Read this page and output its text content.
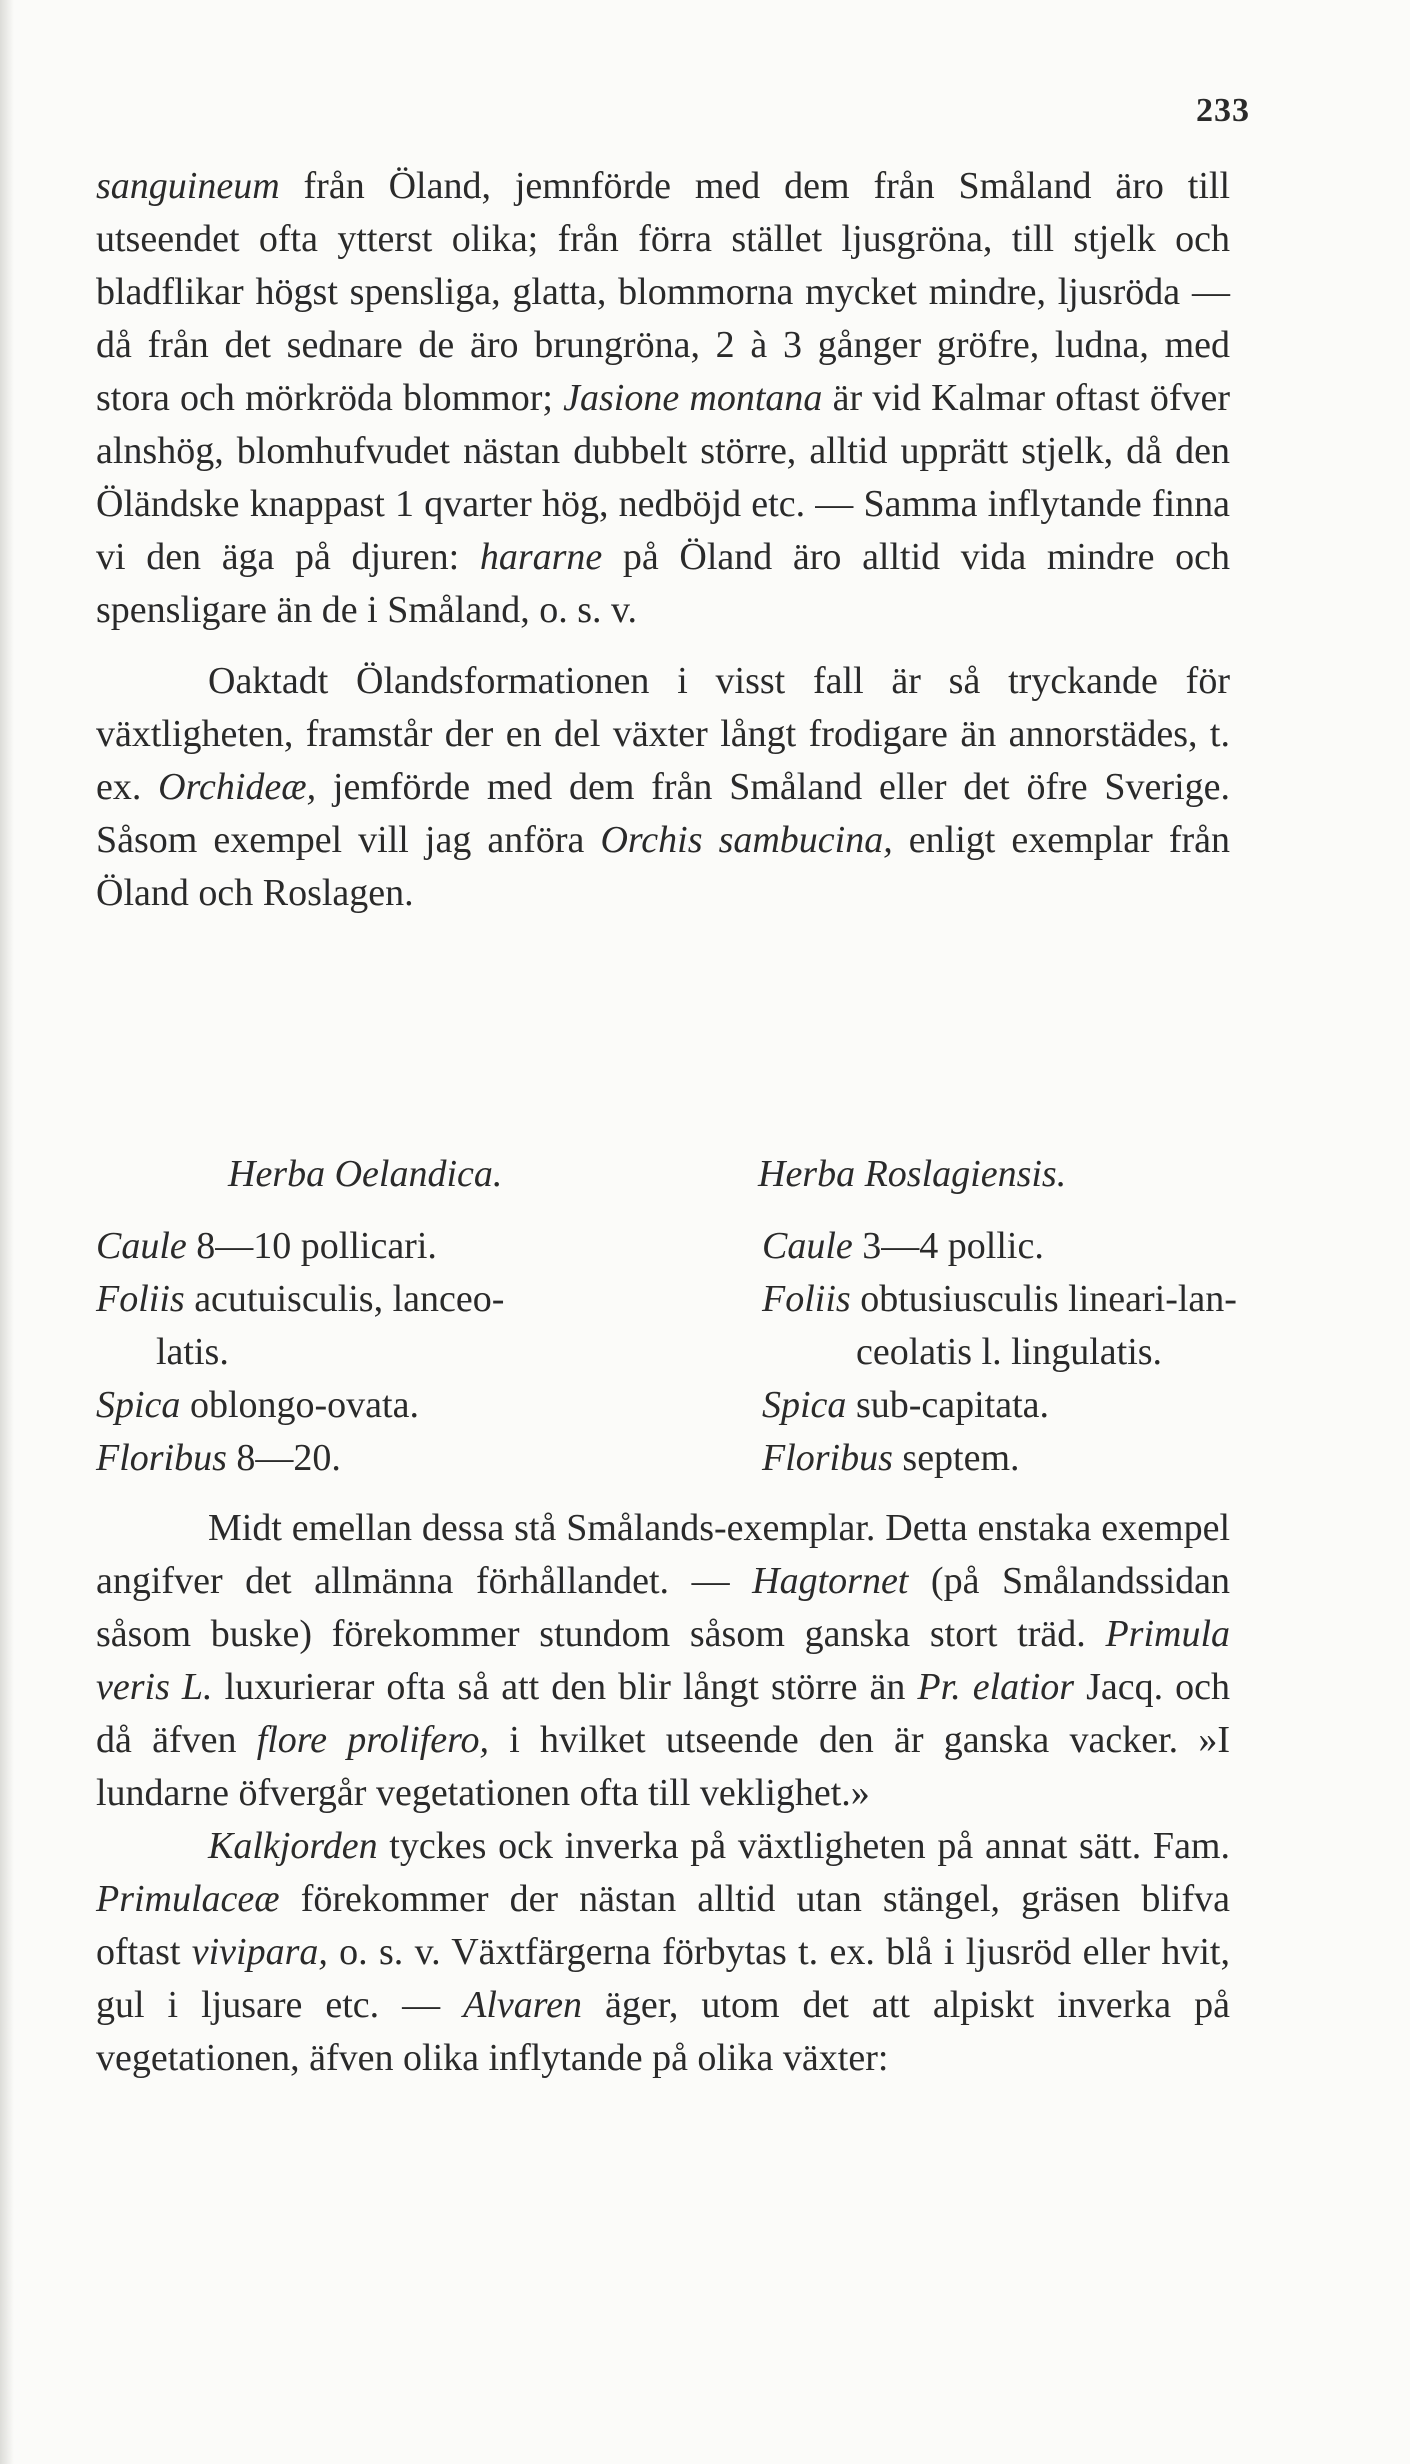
233

sanguineum från Öland, jemnförde med dem från Småland äro till utseendet ofta ytterst olika; från förra stället ljusgröna, till stjelk och bladflikar högst spensliga, glatta, blommorna mycket mindre, ljusröda — då från det sednare de äro brungröna, 2 à 3 gånger gröfre, ludna, med stora och mörkröda blommor; Jasione montana är vid Kalmar oftast öfver alnshög, blomhufvudet nästan dubbelt större, alltid upprätt stjelk, då den Öländske knappast 1 qvarter hög, nedböjd etc. — Samma inflytande finna vi den äga på djuren: hararne på Öland äro alltid vida mindre och spensligare än de i Småland, o. s. v.

Oaktadt Ölandsformationen i visst fall är så tryckande för växtligheten, framstår der en del växter långt frodigare än annorstädes, t. ex. Orchideæ, jemförde med dem från Småland eller det öfre Sverige. Såsom exempel vill jag anföra Orchis sambucina, enligt exemplar från Öland och Roslagen.

Herba Oelandica.	Herba Roslagiensis.
Caule 8—10 pollicari.
Foliis acutuisculis, lanceo-
latis.
Spica oblongo-ovata.
Floribus 8—20.
Caule 3—4 pollic.
Foliis obtusiusculis lineari-lan-
ceolatis l. lingulatis.
Spica sub-capitata.
Floribus septem.

Midt emellan dessa stå Smålands-exemplar. Detta enstaka exempel angifver det allmänna förhållandet. — Hagtornet (på Smålandssidan såsom buske) förekommer stundom såsom ganska stort träd. Primula veris L. luxurierar ofta så att den blir långt större än Pr. elatior Jacq. och då äfven flore prolifero, i hvilket utseende den är ganska vacker. »I lundarne öfvergår vegetationen ofta till veklighet.»

Kalkjorden tyckes ock inverka på växtligheten på annat sätt. Fam. Primulaceæ förekommer der nästan alltid utan stängel, gräsen blifva oftast vivipara, o. s. v. Växtfärgerna förbytas t. ex. blå i ljusröd eller hvit, gul i ljusare etc. — Alvaren äger, utom det att alpiskt inverka på vegetationen, äfven olika inflytande på olika växter:
